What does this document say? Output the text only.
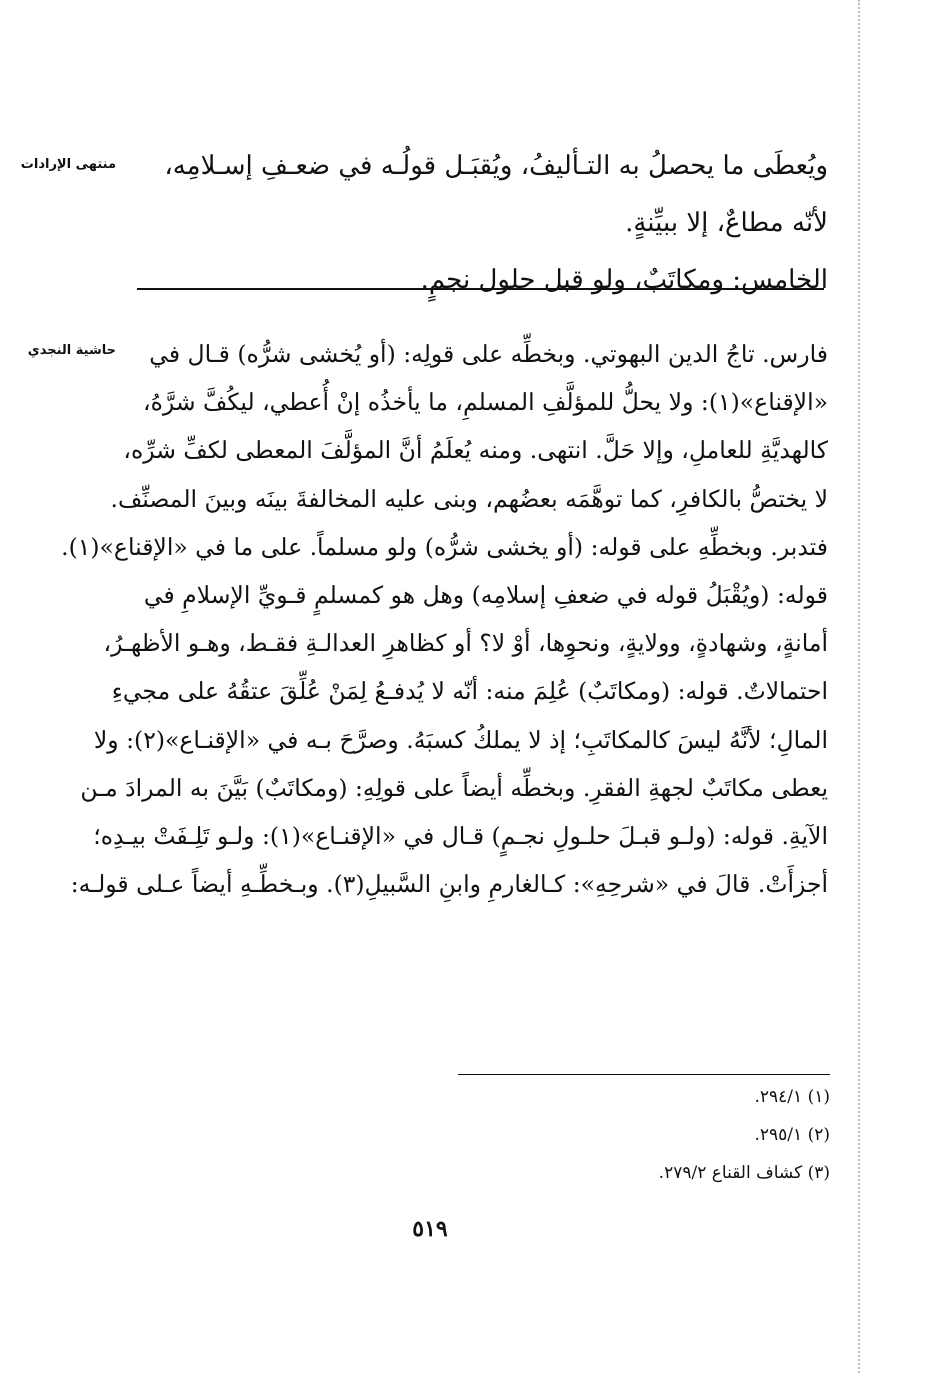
منتهى الإرادات
حاشية النجدي
ويُعطَى ما يحصلُ به التـأليفُ، ويُقبَـل قولُـه في ضعـفِ إسـلامِه،
لأنّه مطاعٌ، إلا ببيِّنةٍ.
الخامس: ومكاتَبٌ، ولو قبل حلول نجمٍ.
فارس. تاجُ الدين البهوتي. وبخطِّه على قولِه: (أو يُخشى شرُّه) قـال في
«الإقناع»(١): ولا يحلُّ للمؤلَّفِ المسلمِ، ما يأخذُه إنْ أُعطي، ليكُفَّ شرَّهُ،
كالهديَّةِ للعاملِ، وإلا حَلَّ. انتهى. ومنه يُعلَمُ أنَّ المؤلَّفَ المعطى لكفِّ شرِّه،
لا يختصُّ بالكافرِ، كما توهَّمَه بعضُهم، وبنى عليه المخالفةَ بينَه وبينَ المصنِّف.
فتدبر. وبخطِّهِ على قوله: (أو يخشى شرُّه) ولو مسلماً. على ما في «الإقناع»(١).
قوله: (ويُقْبَلُ قوله في ضعفِ إسلامِه) وهل هو كمسلمٍ قـويِّ الإسلامِ في
أمانةٍ، وشهادةٍ، وولايةٍ، ونحوِها، أوْ لا؟ أو كظاهرِ العدالـةِ فقـط، وهـو الأظهـرُ،
احتمالاتٌ. قوله: (ومكاتَبٌ) عُلِمَ منه: أنّه لا يُدفـعُ لِمَنْ عُلِّقَ عتقُهُ على مجيءِ
المالِ؛ لأنَّهُ ليسَ كالمكاتَبِ؛ إذ لا يملكُ كسبَهُ. وصرَّحَ بـه في «الإقنـاع»(٢): ولا
يعطى مكاتَبٌ لجهةِ الفقرِ. وبخطِّه أيضاً على قولِهِ: (ومكاتَبٌ) بَيَّنَ به المرادَ مـن
الآيةِ. قوله: (ولـو قبـلَ حلـولِ نجـمٍ) قـال في «الإقنـاع»(١): ولـو تَلِـفَتْ بيـدِه؛
أجزأَتْ. قالَ في «شرحِهِ»: كـالغارمِ وابنِ السَّبيلِ(٣). وبـخطِّـهِ أيضاً عـلى قولـه:
(١) ٢٩٤/١.
(٢) ٢٩٥/١.
(٣) كشاف القناع ٢٧٩/٢.
٥١٩
